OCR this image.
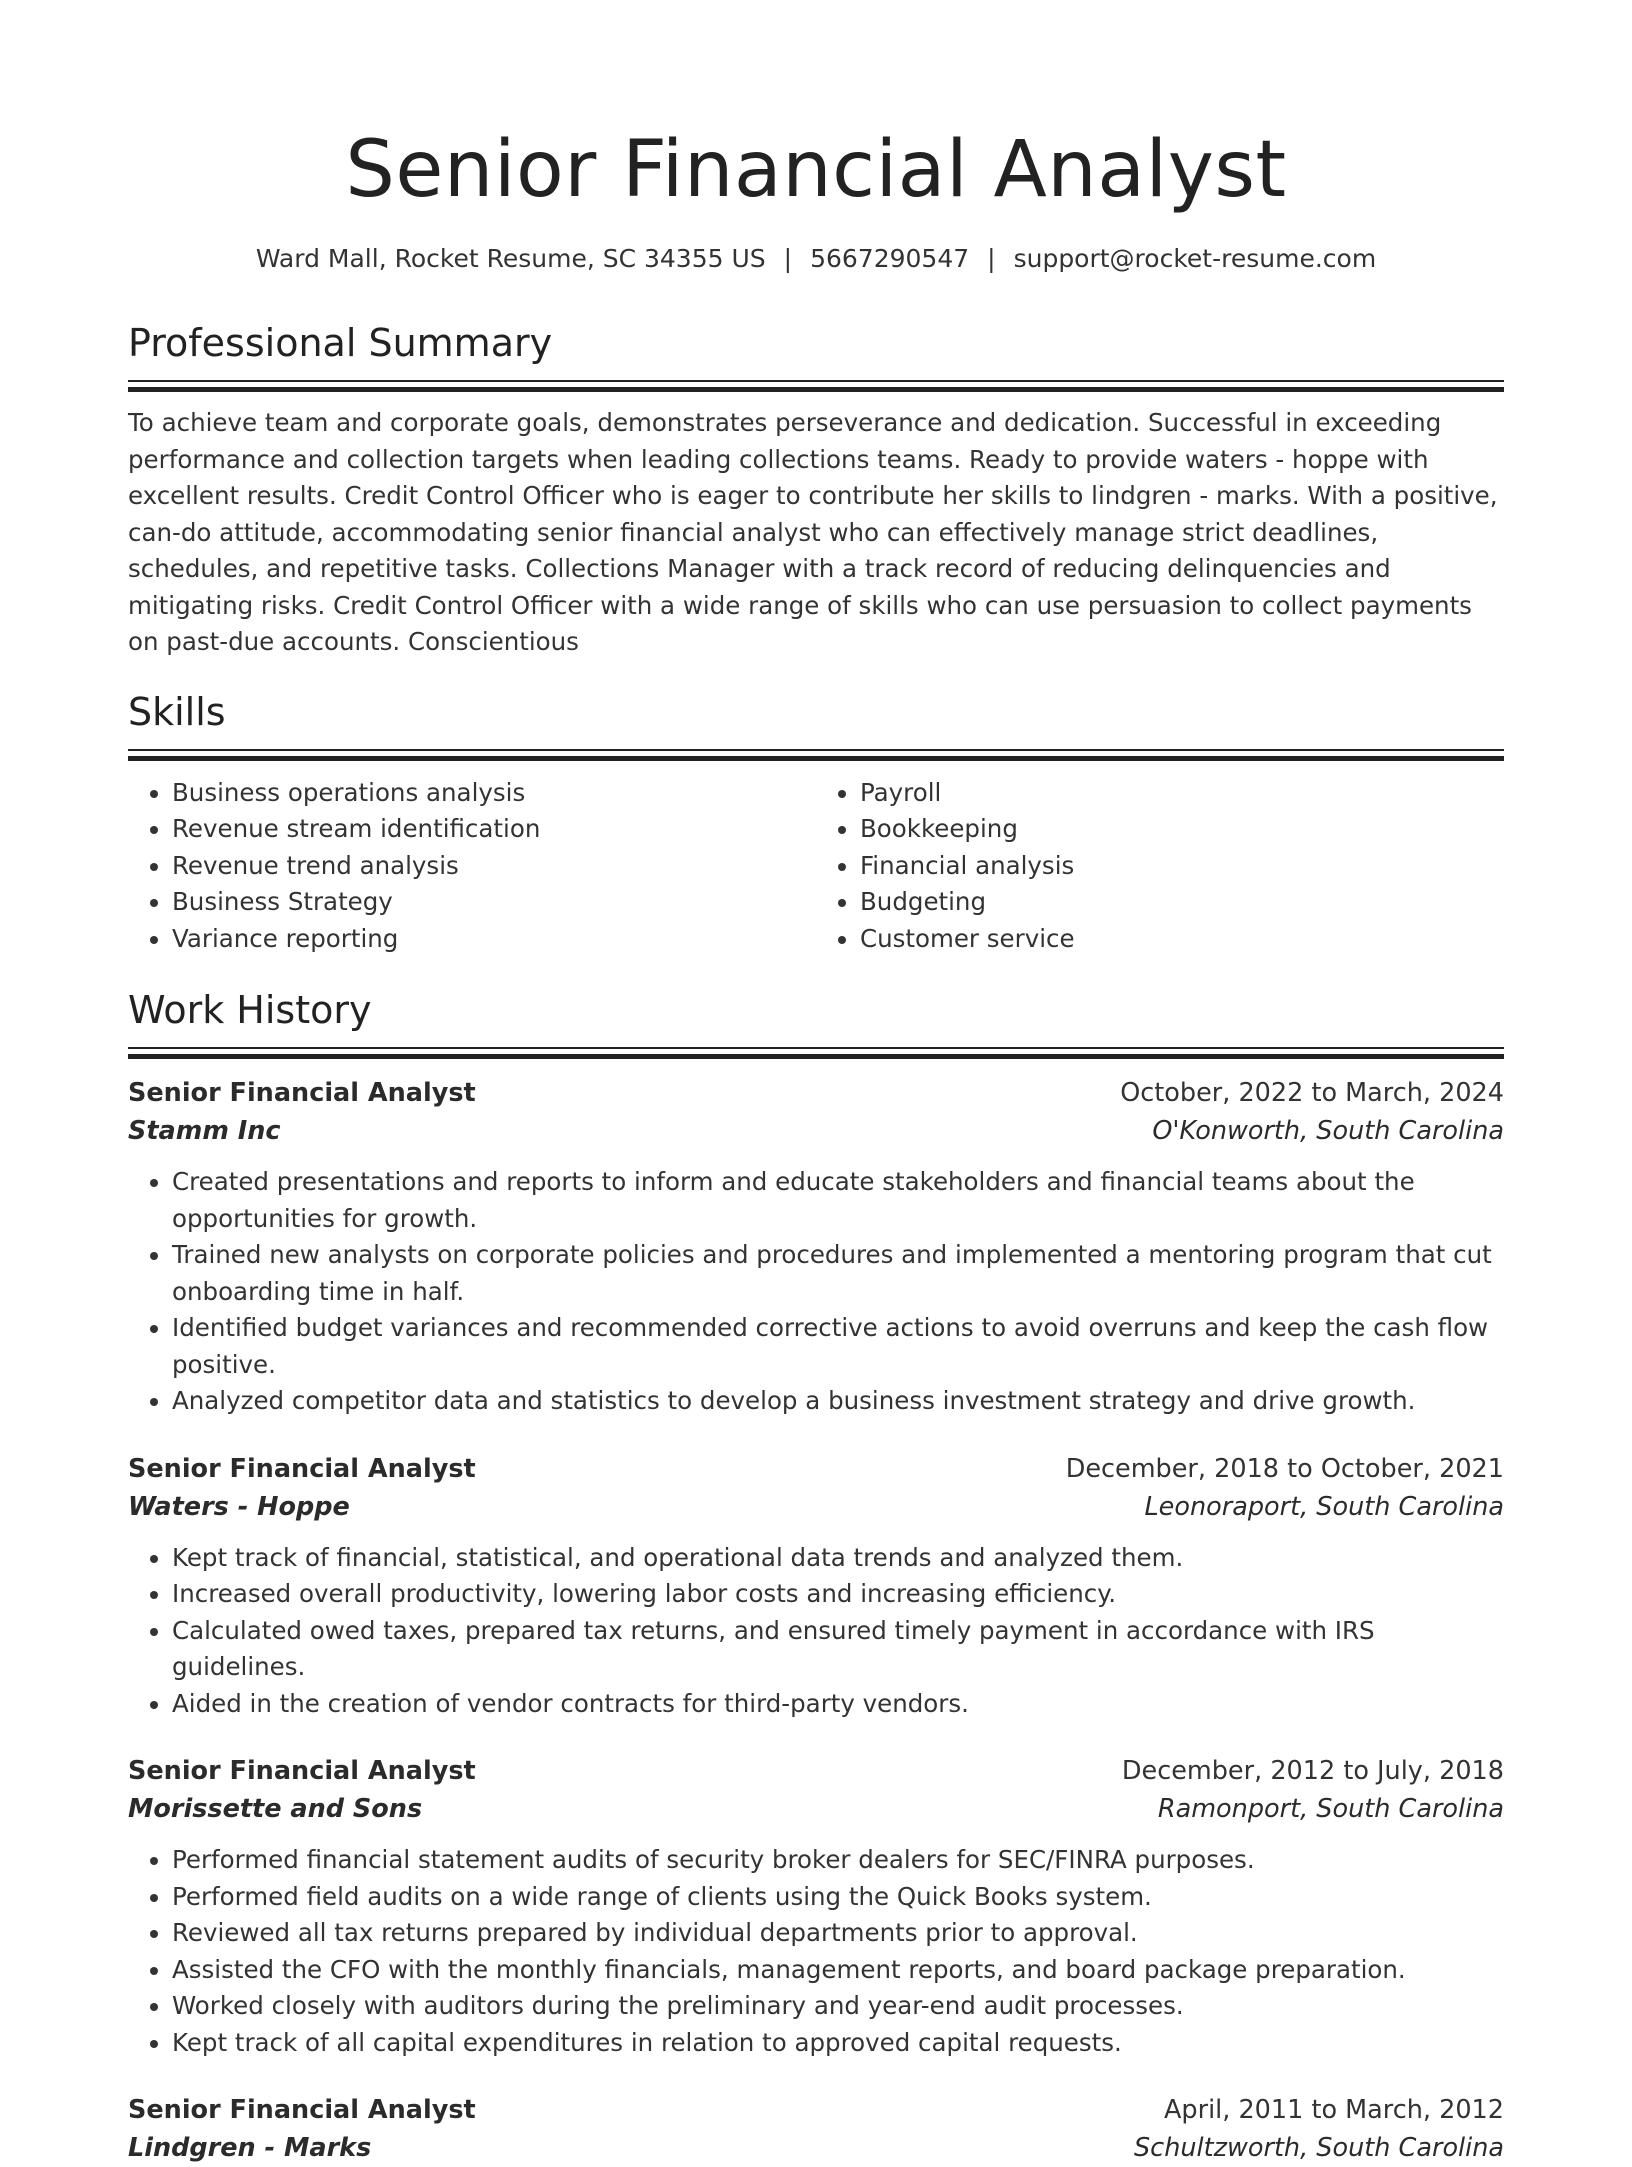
Senior Financial Analyst
Ward Mall, Rocket Resume, SC 34355 US | 5667290547 | support@rocket-resume.com
Professional Summary

To achieve team and corporate goals, demonstrates perseverance and dedication. Successful in exceeding performance and collection targets when leading collections teams. Ready to provide waters - hoppe with excellent results. Credit Control Officer who is eager to contribute her skills to lindgren - marks. With a positive, can-do attitude, accommodating senior financial analyst who can effectively manage strict deadlines, schedules, and repetitive tasks. Collections Manager with a track record of reducing delinquencies and mitigating risks. Credit Control Officer with a wide range of skills who can use persuasion to collect payments on past-due accounts. Conscientious

Skills
• Business operations analysis
• Revenue stream identification
• Revenue trend analysis
• Business Strategy
• Variance reporting
• Payroll
• Bookkeeping
• Financial analysis
• Budgeting
• Customer service
Work History
Senior Financial Analyst	October, 2022 to March, 2024
Stamm Inc	O'Konworth, South Carolina
• Created presentations and reports to inform and educate stakeholders and financial teams about the opportunities for growth.
• Trained new analysts on corporate policies and procedures and implemented a mentoring program that cut onboarding time in half.
• Identified budget variances and recommended corrective actions to avoid overruns and keep the cash flow positive.
• Analyzed competitor data and statistics to develop a business investment strategy and drive growth.
Senior Financial Analyst	December, 2018 to October, 2021
Waters - Hoppe	Leonoraport, South Carolina
• Kept track of financial, statistical, and operational data trends and analyzed them.
• Increased overall productivity, lowering labor costs and increasing efficiency.
• Calculated owed taxes, prepared tax returns, and ensured timely payment in accordance with IRS guidelines.
• Aided in the creation of vendor contracts for third-party vendors.
Senior Financial Analyst	December, 2012 to July, 2018
Morissette and Sons	Ramonport, South Carolina
• Performed financial statement audits of security broker dealers for SEC/FINRA purposes.
• Performed field audits on a wide range of clients using the Quick Books system.
• Reviewed all tax returns prepared by individual departments prior to approval.
• Assisted the CFO with the monthly financials, management reports, and board package preparation.
• Worked closely with auditors during the preliminary and year-end audit processes.
• Kept track of all capital expenditures in relation to approved capital requests.
Senior Financial Analyst	April, 2011 to March, 2012
Lindgren - Marks	Schultzworth, South Carolina
